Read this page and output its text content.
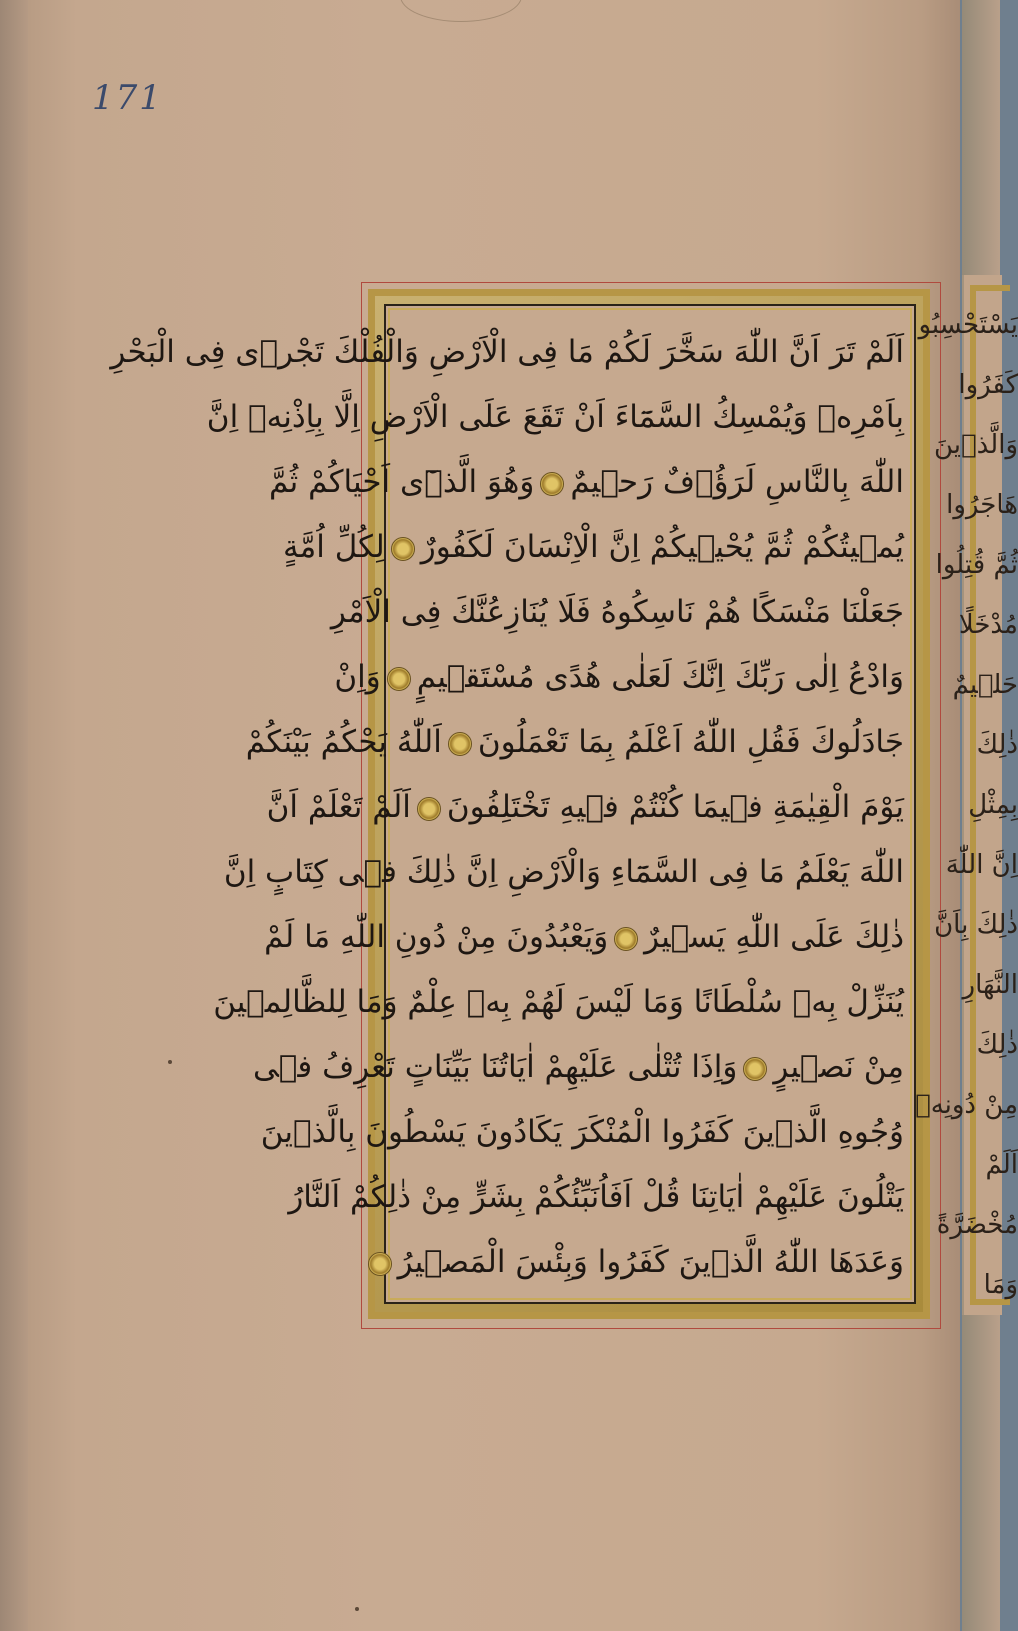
171
اَلَمْ تَرَ اَنَّ اللّٰهَ سَخَّرَ لَكُمْ مَا فِى الْاَرْضِ وَالْفُلْكَ تَجْرٖى فِى الْبَحْرِ
بِاَمْرِهٖ وَيُمْسِكُ السَّمَٓاءَ اَنْ تَقَعَ عَلَى الْاَرْضِ اِلَّا بِاِذْنِهٖ اِنَّ
اللّٰهَ بِالنَّاسِ لَرَؤُ۫فٌ رَحٖيمٌوَهُوَ الَّذٖٓى اَحْيَاكُمْ ثُمَّ
يُمٖيتُكُمْ ثُمَّ يُحْيٖيكُمْ اِنَّ الْاِنْسَانَ لَكَفُورٌلِكُلِّ اُمَّةٍ
جَعَلْنَا مَنْسَكًا هُمْ نَاسِكُوهُ فَلَا يُنَازِعُنَّكَ فِى الْاَمْرِ
وَادْعُ اِلٰى رَبِّكَ اِنَّكَ لَعَلٰى هُدًى مُسْتَقٖيمٍوَاِنْ
جَادَلُوكَ فَقُلِ اللّٰهُ اَعْلَمُ بِمَا تَعْمَلُونَاَللّٰهُ يَحْكُمُ بَيْنَكُمْ
يَوْمَ الْقِيٰمَةِ فٖيمَا كُنْتُمْ فٖيهِ تَخْتَلِفُونَاَلَمْ تَعْلَمْ اَنَّ
اللّٰهَ يَعْلَمُ مَا فِى السَّمَٓاءِ وَالْاَرْضِ اِنَّ ذٰلِكَ فٖى كِتَابٍ اِنَّ
ذٰلِكَ عَلَى اللّٰهِ يَسٖيرٌوَيَعْبُدُونَ مِنْ دُونِ اللّٰهِ مَا لَمْ
يُنَزِّلْ بِهٖ سُلْطَانًا وَمَا لَيْسَ لَهُمْ بِهٖ عِلْمٌ وَمَا لِلظَّالِمٖينَ
مِنْ نَصٖيرٍوَاِذَا تُتْلٰى عَلَيْهِمْ اٰيَاتُنَا بَيِّنَاتٍ تَعْرِفُ فٖى
وُجُوهِ الَّذٖينَ كَفَرُوا الْمُنْكَرَ يَكَادُونَ يَسْطُونَ بِالَّذٖينَ
يَتْلُونَ عَلَيْهِمْ اٰيَاتِنَا قُلْ اَفَاُنَبِّئُكُمْ بِشَرٍّ مِنْ ذٰلِكُمْ اَلنَّارُ
وَعَدَهَا اللّٰهُ الَّذٖينَ كَفَرُوا وَبِئْسَ الْمَصٖيرُ
يَسْتَحْسِبُو
كَفَرُوا
وَالَّذٖينَ
هَاجَرُوا
ثُمَّ قُتِلُوا
مُدْخَلًا
حَلٖيمٌ
ذٰلِكَ
بِمِثْلِ
اِنَّ اللّٰهَ
ذٰلِكَ بِاَنَّ
النَّهَارِ
ذٰلِكَ
مِنْ دُونِهٖ
اَلَمْ
مُخْضَرَّةً
وَمَا
